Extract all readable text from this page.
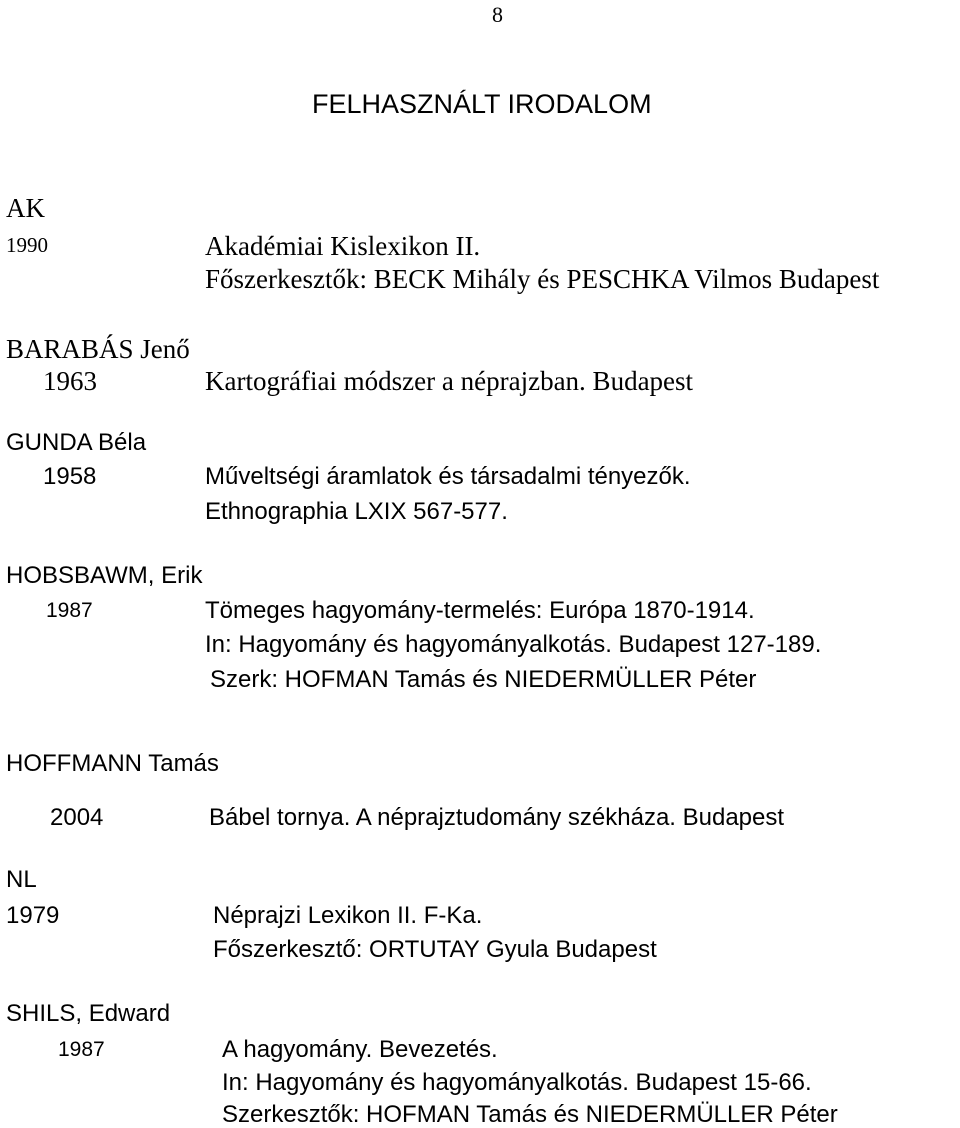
8
FELHASZNÁLT IRODALOM
AK
1990	Akadémiai Kislexikon II.
Főszerkesztők: BECK Mihály és PESCHKA Vilmos Budapest
BARABÁS Jenő
1963	Kartográfiai módszer a néprajzban. Budapest
GUNDA Béla
1958	Műveltségi áramlatok és társadalmi tényezők.
Ethnographia LXIX 567-577.
HOBSBAWM, Erik
1987	Tömeges hagyomány-termelés: Európa 1870-1914.
In: Hagyomány és hagyományalkotás. Budapest 127-189.
Szerk: HOFMAN Tamás és NIEDERMÜLLER Péter
HOFFMANN Tamás
2004	Bábel tornya. A néprajztudomány székháza. Budapest
NL
1979	Néprajzi Lexikon II. F-Ka.
Főszerkesztő: ORTUTAY Gyula Budapest
SHILS, Edward
1987	A hagyomány. Bevezetés.
In: Hagyomány és hagyományalkotás. Budapest 15-66.
Szerkesztők: HOFMAN Tamás és NIEDERMÜLLER Péter
